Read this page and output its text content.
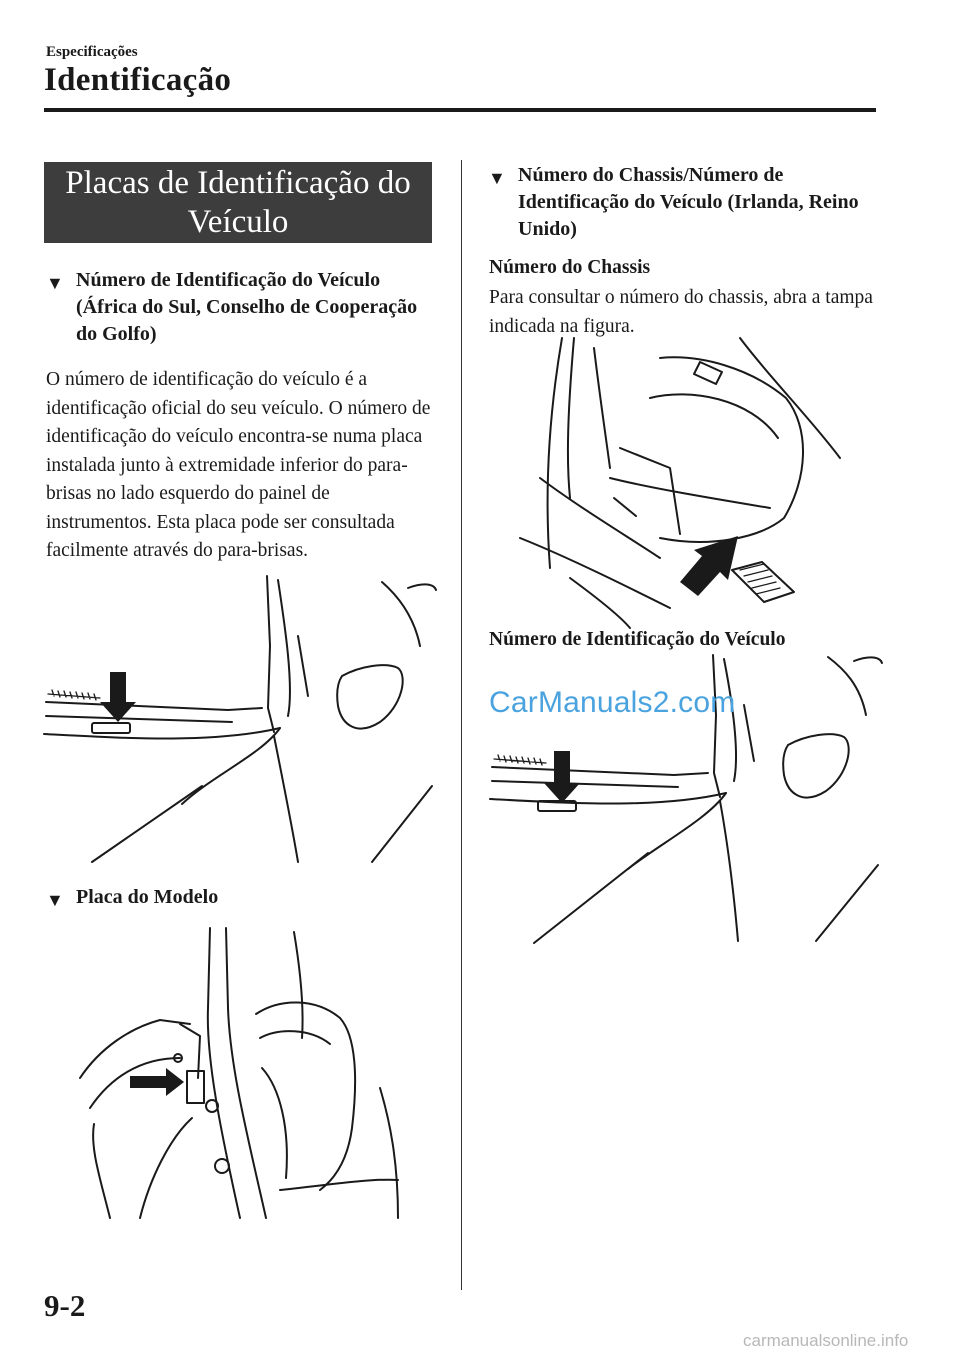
Especificações
Identificação
Placas de Identificação do
Veículo
▼ Número de Identificação do Veículo (África do Sul, Conselho de Cooperação do Golfo)
O número de identificação do veículo é a identificação oficial do seu veículo. O número de identificação do veículo encontra-se numa placa instalada junto à extremidade inferior do para-brisas no lado esquerdo do painel de instrumentos. Esta placa pode ser consultada facilmente através do para-brisas.
▼ Placa do Modelo
▼ Número do Chassis/Número de Identificação do Veículo (Irlanda, Reino Unido)
Número do Chassis
Para consultar o número do chassis, abra a tampa indicada na figura.
Número de Identificação do Veículo
CarManuals2.com
9-2
carmanualsonline.info
